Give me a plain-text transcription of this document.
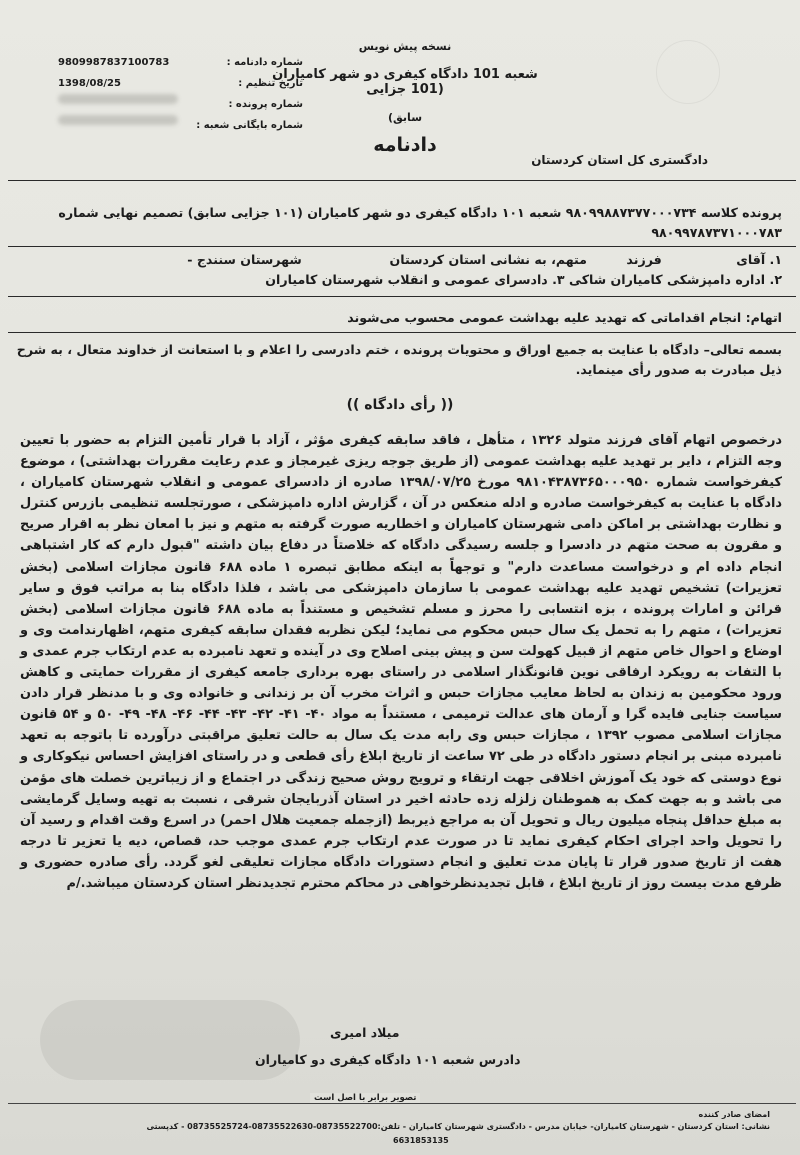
9809987837100783	شماره دادنامه :
1398/08/25	تاریخ تنظیم :
شماره پرونده :
شماره بایگانی شعبه :
نسخه پیش نویس
شعبه 101 دادگاه کیفری دو شهر کامیاران (101 جزایی
سابق)
دادنامه
دادگستری کل استان کردستان
پرونده کلاسه ۹۸۰۹۹۸۸۷۳۷۷۰۰۰۷۳۴ شعبه ۱۰۱ دادگاه کیفری دو شهر کامیاران (۱۰۱ جزایی سابق) تصمیم نهایی شماره ۹۸۰۹۹۷۸۷۳۷۱۰۰۰۷۸۳
۱. آقای                 فرزند         متهم، به نشانی استان کردستان                    شهرستان سنندج -
۲. اداره دامپزشکی کامیاران شاکی ۳. دادسرای عمومی و انقلاب شهرستان کامیاران
اتهام: انجام اقداماتی که تهدید علیه بهداشت عمومی محسوب می‌شوند
بسمه تعالی– دادگاه با عنایت به جمیع اوراق و محتویات پرونده ، ختم دادرسی را اعلام و با استعانت از خداوند متعال ، به شرح ذیل مبادرت به صدور رأی مینماید.
(( رأی دادگاه ))
درخصوص اتهام آقای فرزند متولد ۱۳۲۶ ، متأهل ، فاقد سابقه کیفری مؤثر ، آزاد با قرار تأمین التزام به حضور با تعیین وجه التزام ، دایر بر تهدید علیه بهداشت عمومی (از طریق جوجه ریزی غیرمجاز و عدم رعایت مقررات بهداشتی) ، موضوع کیفرخواست شماره ۹۸۱۰۴۳۸۷۳۶۵۰۰۰۹۵۰ مورخ ۱۳۹۸/۰۷/۲۵ صادره از دادسرای عمومی و انقلاب شهرستان کامیاران ، دادگاه با عنایت به کیفرخواست صادره و ادله منعکس در آن ، گزارش اداره دامپزشکی ، صورتجلسه تنظیمی بازرس کنترل و نظارت بهداشتی بر اماکن دامی شهرستان کامیاران و اخطاریه صورت گرفته به متهم و نیز با امعان نظر به اقرار صریح و مقرون به صحت متهم در دادسرا و جلسه رسیدگی دادگاه که خلاصتاً در دفاع بیان داشته "قبول دارم که کار اشتباهی انجام داده ام و درخواست مساعدت دارم" و توجهاً به اینکه مطابق تبصره ۱ ماده ۶۸۸ قانون مجازات اسلامی (بخش تعزیرات) تشخیص تهدید علیه بهداشت عمومی با سازمان دامپزشکی می باشد ، فلذا دادگاه بنا به مراتب فوق و سایر قرائن و امارات پرونده ، بزه انتسابی را محرز و مسلم تشخیص و مستنداً به ماده ۶۸۸ قانون مجازات اسلامی (بخش تعزیرات) ، متهم را به تحمل یک سال حبس محکوم می نماید؛ لیکن نظربه فقدان سابقه کیفری متهم، اظهارندامت وی و اوضاع و احوال خاص متهم از قبیل کهولت سن و پیش بینی اصلاح وی در آینده و تعهد نامبرده به عدم ارتکاب جرم عمدی و با التفات به رویکرد ارفاقی نوین قانونگذار اسلامی در راستای بهره برداری جامعه کیفری از مقررات حمایتی و کاهش ورود محکومین به زندان به لحاظ معایب مجازات حبس و اثرات مخرب آن بر زندانی و خانواده وی و با مدنظر قرار دادن سیاست جنایی فایده گرا و آرمان های عدالت ترمیمی ، مستنداً به مواد ۴۰- ۴۱- ۴۲- ۴۳- ۴۴- ۴۶- ۴۸- ۴۹- ۵۰ و ۵۴ قانون مجازات اسلامی مصوب ۱۳۹۲ ، مجازات حبس وی رابه مدت یک سال به حالت تعلیق مراقبتی درآورده تا باتوجه به تعهد نامبرده مبنی بر انجام دستور دادگاه در طی ۷۲ ساعت از تاریخ ابلاغ رأی قطعی و در راستای افزایش احساس نیکوکاری و نوع دوستی که خود یک آموزش اخلاقی جهت ارتقاء و ترویج روش صحیح زندگی در اجتماع و از زیباترین خصلت های مؤمن می باشد و به جهت کمک به هموطنان زلزله زده حادثه اخیر در استان آذربایجان شرقی ، نسبت به تهیه وسایل گرمایشی به مبلغ حداقل پنجاه میلیون ریال و تحویل آن به مراجع ذیربط (ازجمله جمعیت هلال احمر) در اسرع وقت اقدام و رسید آن را تحویل واحد اجرای احکام کیفری نماید تا در صورت عدم ارتکاب جرم عمدی موجب حد، قصاص، دیه یا تعزیر تا درجه هفت از تاریخ صدور قرار تا پایان مدت تعلیق و انجام دستورات دادگاه مجازات تعلیقی لغو گردد. رأی صادره حضوری و ظرفع مدت بیست روز از تاریخ ابلاغ ، قابل تجدیدنظرخواهی در محاکم محترم تجدیدنظر استان کردستان میباشد./م
میلاد امیری
دادرس شعبه ۱۰۱ دادگاه کیفری دو کامیاران
تصویر برابر با اصل است
امضای صادر کننده
نشانی: استان کردستان - شهرستان کامیاران- خیابان مدرس - دادگستری شهرستان کامیاران - تلفن:08735522700-08735522630-08735525724 - کدپستی
6631853135
